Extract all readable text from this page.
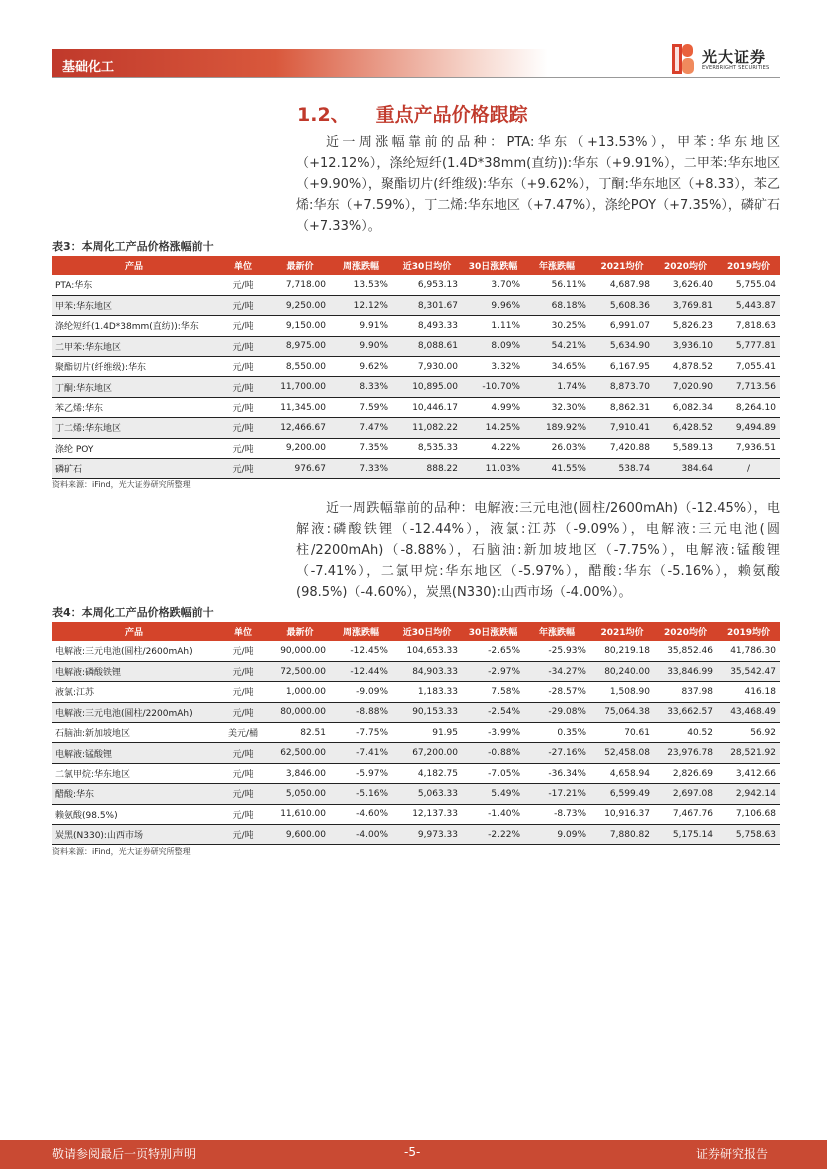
基础化工
光大证券
EVERBRIGHT SECURITIES
1.2、 重点产品价格跟踪

近一周涨幅靠前的品种：PTA:华东（+13.53%），甲苯:华东地区（+12.12%），涤纶短纤(1.4D*38mm(直纺)):华东（+9.91%），二甲苯:华东地区（+9.90%），聚酯切片(纤维级):华东（+9.62%），丁酮:华东地区（+8.33），苯乙烯:华东（+7.59%），丁二烯:华东地区（+7.47%），涤纶POY（+7.35%），磷矿石（+7.33%）。

表3：本周化工产品价格涨幅前十
产品	单位	最新价	周涨跌幅	近30日均价	30日涨跌幅	年涨跌幅	2021均价	2020均价	2019均价
PTA:华东	元/吨	7,718.00	13.53%	6,953.13	3.70%	56.11%	4,687.98	3,626.40	5,755.04
甲苯:华东地区	元/吨	9,250.00	12.12%	8,301.67	9.96%	68.18%	5,608.36	3,769.81	5,443.87
涤纶短纤(1.4D*38mm(直纺)):华东	元/吨	9,150.00	9.91%	8,493.33	1.11%	30.25%	6,991.07	5,826.23	7,818.63
二甲苯:华东地区	元/吨	8,975.00	9.90%	8,088.61	8.09%	54.21%	5,634.90	3,936.10	5,777.81
聚酯切片(纤维级):华东	元/吨	8,550.00	9.62%	7,930.00	3.32%	34.65%	6,167.95	4,878.52	7,055.41
丁酮:华东地区	元/吨	11,700.00	8.33%	10,895.00	-10.70%	1.74%	8,873.70	7,020.90	7,713.56
苯乙烯:华东	元/吨	11,345.00	7.59%	10,446.17	4.99%	32.30%	8,862.31	6,082.34	8,264.10
丁二烯:华东地区	元/吨	12,466.67	7.47%	11,082.22	14.25%	189.92%	7,910.41	6,428.52	9,494.89
涤纶 POY	元/吨	9,200.00	7.35%	8,535.33	4.22%	26.03%	7,420.88	5,589.13	7,936.51
磷矿石	元/吨	976.67	7.33%	888.22	11.03%	41.55%	538.74	384.64	/
资料来源：iFind，光大证券研究所整理

近一周跌幅靠前的品种：电解液:三元电池(圆柱/2600mAh)（-12.45%），电解液:磷酸铁锂（-12.44%），液氯:江苏（-9.09%），电解液:三元电池(圆柱/2200mAh)（-8.88%），石脑油:新加坡地区（-7.75%），电解液:锰酸锂（-7.41%），二氯甲烷:华东地区（-5.97%），醋酸:华东（-5.16%），赖氨酸(98.5%)（-4.60%），炭黑(N330):山西市场（-4.00%）。

表4：本周化工产品价格跌幅前十
产品	单位	最新价	周涨跌幅	近30日均价	30日涨跌幅	年涨跌幅	2021均价	2020均价	2019均价
电解液:三元电池(圆柱/2600mAh)	元/吨	90,000.00	-12.45%	104,653.33	-2.65%	-25.93%	80,219.18	35,852.46	41,786.30
电解液:磷酸铁锂	元/吨	72,500.00	-12.44%	84,903.33	-2.97%	-34.27%	80,240.00	33,846.99	35,542.47
液氯:江苏	元/吨	1,000.00	-9.09%	1,183.33	7.58%	-28.57%	1,508.90	837.98	416.18
电解液:三元电池(圆柱/2200mAh)	元/吨	80,000.00	-8.88%	90,153.33	-2.54%	-29.08%	75,064.38	33,662.57	43,468.49
石脑油:新加坡地区	美元/桶	82.51	-7.75%	91.95	-3.99%	0.35%	70.61	40.52	56.92
电解液:锰酸锂	元/吨	62,500.00	-7.41%	67,200.00	-0.88%	-27.16%	52,458.08	23,976.78	28,521.92
二氯甲烷:华东地区	元/吨	3,846.00	-5.97%	4,182.75	-7.05%	-36.34%	4,658.94	2,826.69	3,412.66
醋酸:华东	元/吨	5,050.00	-5.16%	5,063.33	5.49%	-17.21%	6,599.49	2,697.08	2,942.14
赖氨酸(98.5%)	元/吨	11,610.00	-4.60%	12,137.33	-1.40%	-8.73%	10,916.37	7,467.76	7,106.68
炭黑(N330):山西市场	元/吨	9,600.00	-4.00%	9,973.33	-2.22%	9.09%	7,880.82	5,175.14	5,758.63
资料来源：iFind，光大证券研究所整理
敬请参阅最后一页特别声明	-5-	证券研究报告
